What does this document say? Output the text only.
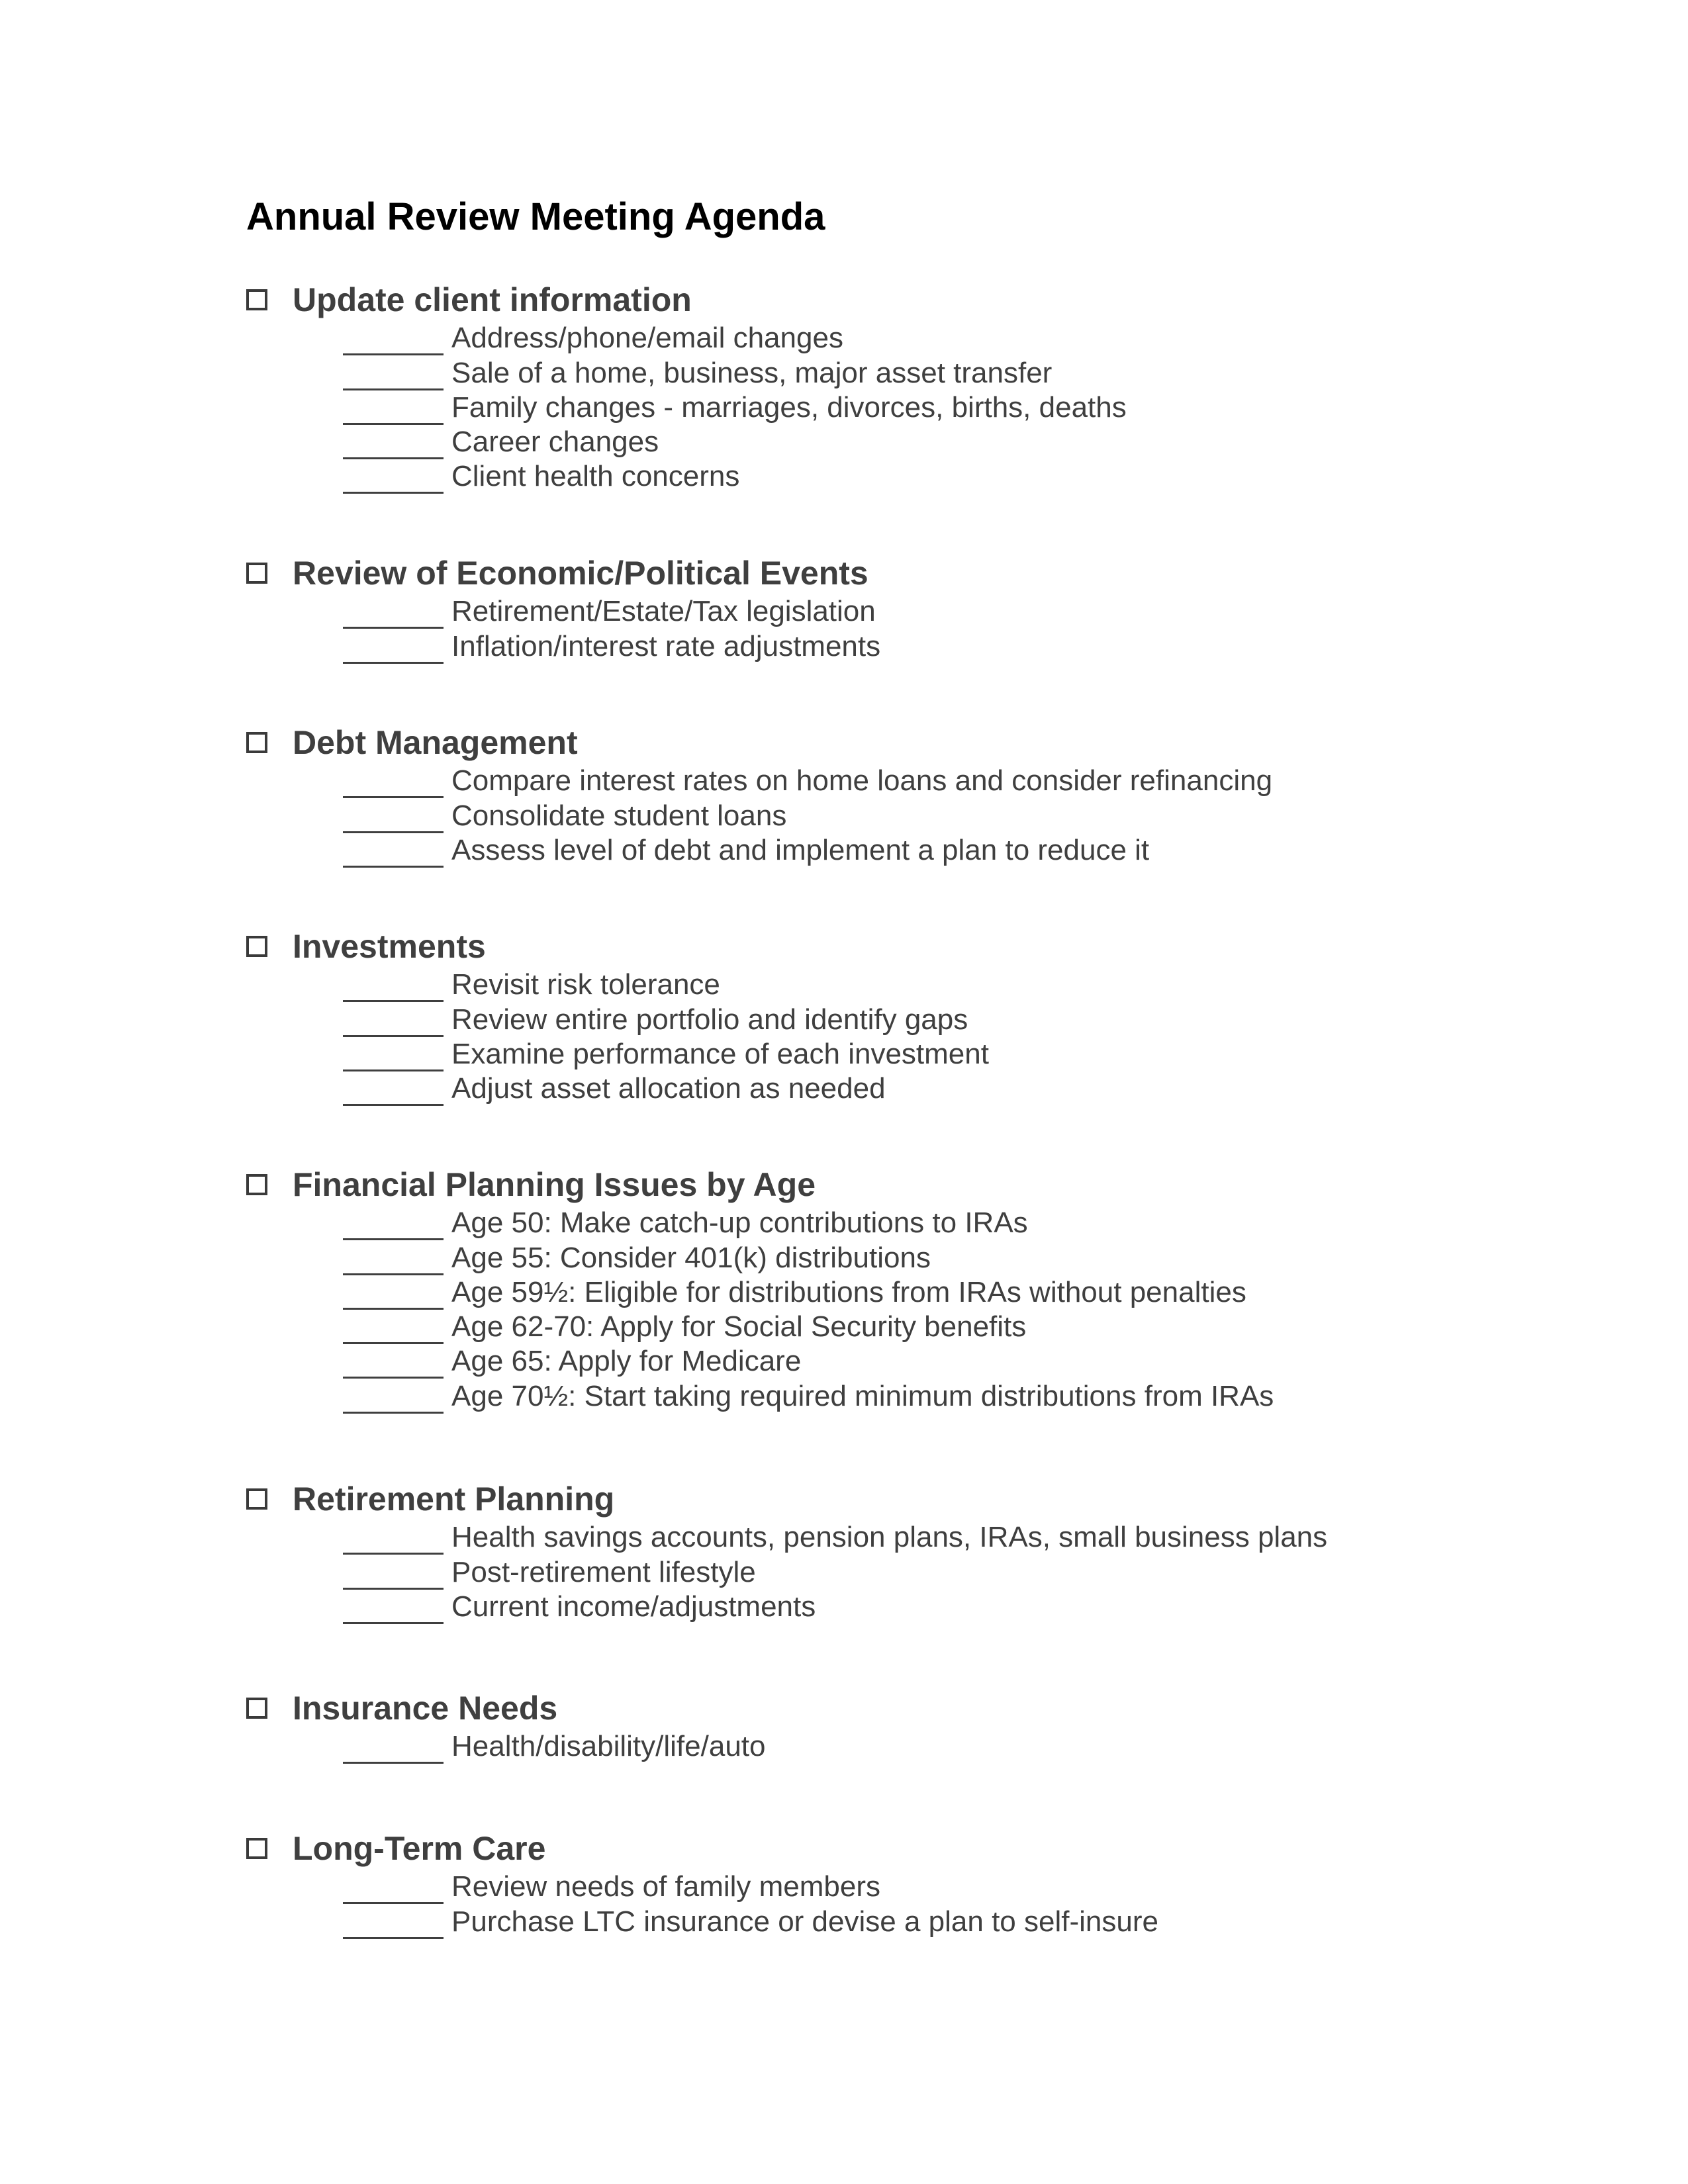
Annual Review Meeting Agenda
Update client information
Address/phone/email changes
Sale of a home, business, major asset transfer
Family changes - marriages, divorces, births, deaths
Career changes
Client health concerns
Review of Economic/Political Events
Retirement/Estate/Tax legislation
Inflation/interest rate adjustments
Debt Management
Compare interest rates on home loans and consider refinancing
Consolidate student loans
Assess level of debt and implement a plan to reduce it
Investments
Revisit risk tolerance
Review entire portfolio and identify gaps
Examine performance of each investment
Adjust asset allocation as needed
Financial Planning Issues by Age
Age 50: Make catch-up contributions to IRAs
Age 55: Consider 401(k) distributions
Age 59½: Eligible for distributions from IRAs without penalties
Age 62-70: Apply for Social Security benefits
Age 65: Apply for Medicare
Age 70½: Start taking required minimum distributions from IRAs
Retirement Planning
Health savings accounts, pension plans, IRAs, small business plans
Post-retirement lifestyle
Current income/adjustments
Insurance Needs
Health/disability/life/auto
Long-Term Care
Review needs of family members
Purchase LTC insurance or devise a plan to self-insure
